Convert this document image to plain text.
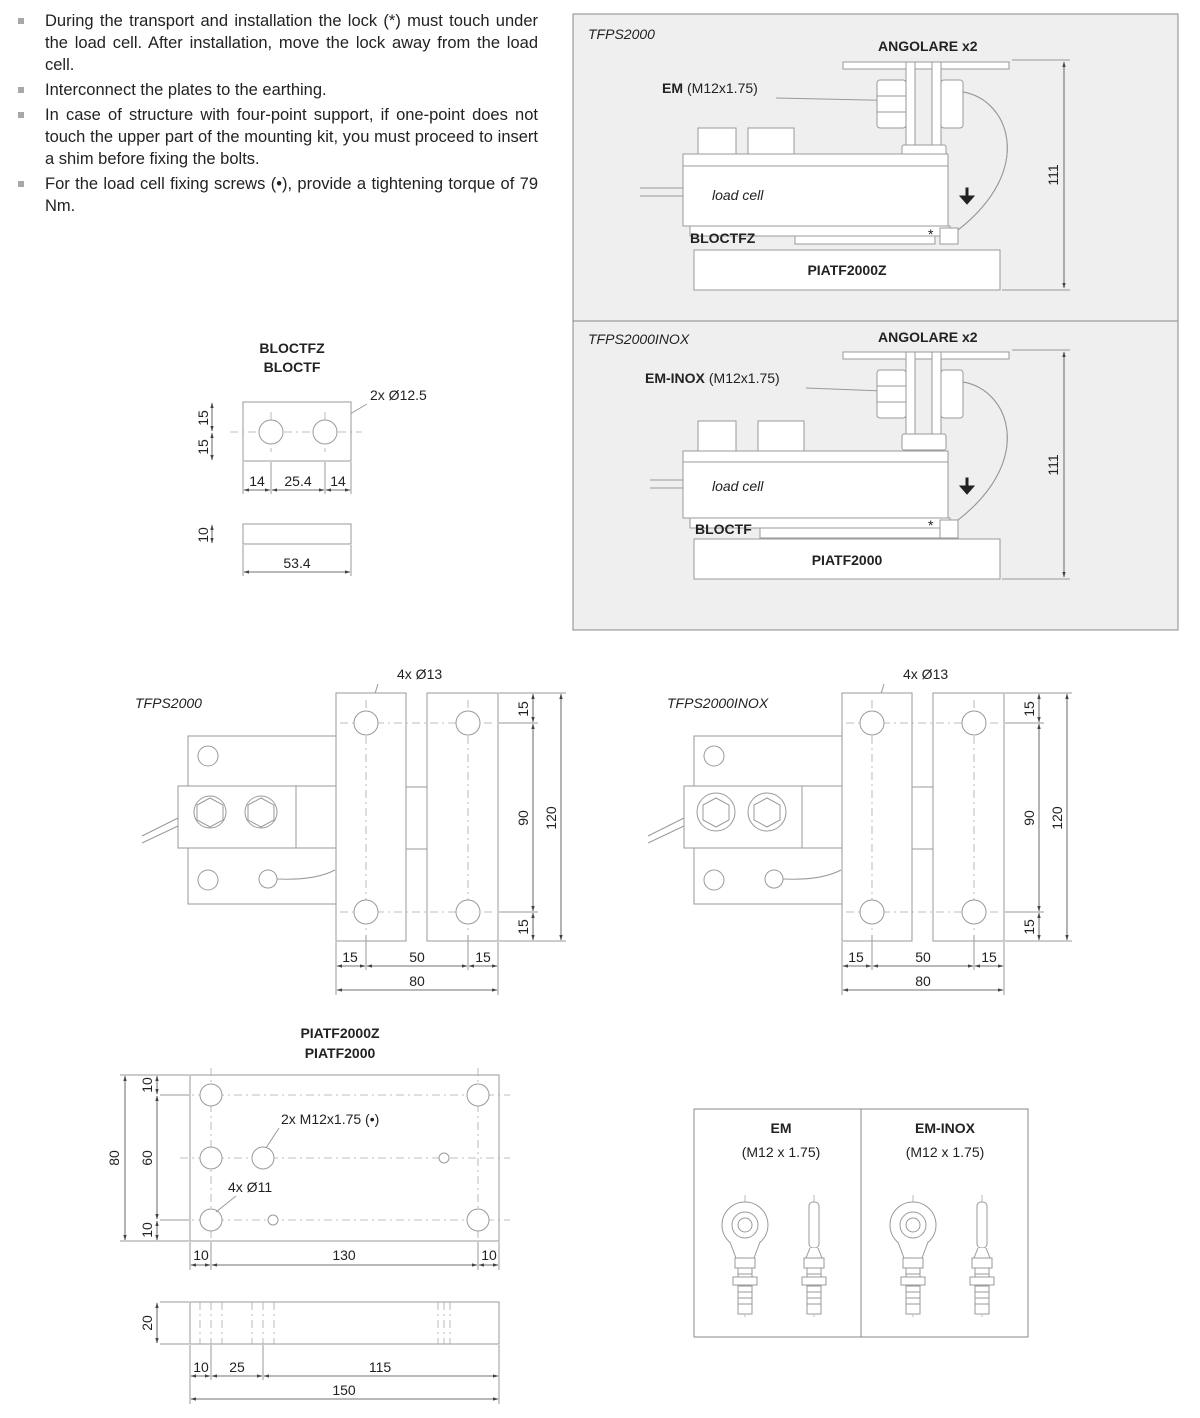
During the transport and installation the lock (*) must touch under the load cell. After installation, move the lock away from the load cell.
Interconnect the plates to the earthing.
In case of structure with four-point support, if one-point does not touch the upper part of the mounting kit, you must proceed to insert a shim before fixing the bolts.
For the load cell fixing screws (•), provide a tightening torque of 79 Nm.
TFPS2000
ANGOLARE x2
EM (M12x1.75)
load cell
BLOCTFZ	*
PIATF2000Z
111
TFPS2000INOX	ANGOLARE x2
EM-INOX (M12x1.75)
load cell
BLOCTF	*
PIATF2000
111
BLOCTFZ
BLOCTF
2x Ø12.5
15
15
14 25.4 14
10
53.4
TFPS2000
4x Ø13
15
90 120
15
15	50	15
80
TFPS2000INOX
4x Ø13
15
90 120
15
15	50	15
80
PIATF2000Z
PIATF2000
2x M12x1.75 (•)
4x Ø11
80
10
60
10
10	130	10
20
10 25	115
150
EM
(M12 x 1.75)
EM-INOX
(M12 x 1.75)
